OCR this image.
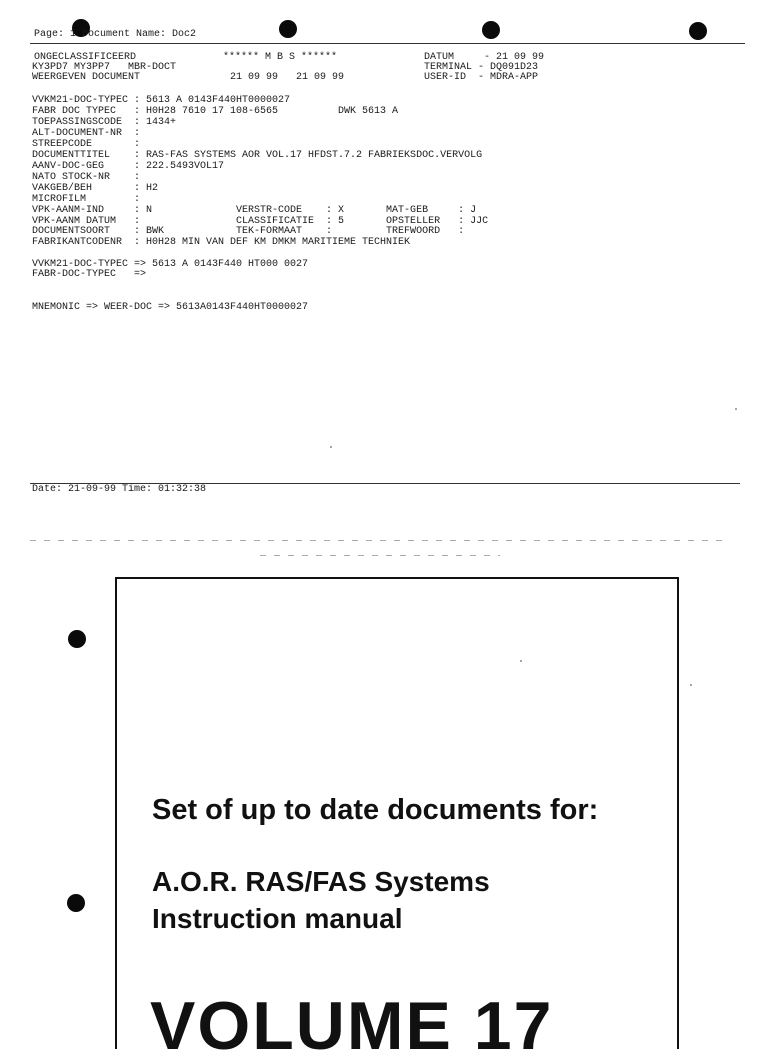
Page: 1 Document Name: Doc2
ONGECLASSIFICEERD	****** M B S ******	DATUM     - 21 09 99
KY3PD7 MY3PP7   MBR-DOCT	TERMINAL - DQ091D23
WEERGEVEN DOCUMENT	21 09 99   21 09 99	USER-ID  - MDRA-APP
VVKM21-DOC-TYPEC : 5613 A 0143F440HT0000027
FABR DOC TYPEC   : H0H28 7610 17 108-6565          DWK 5613 A
TOEPASSINGSCODE  : 1434+
ALT-DOCUMENT-NR  :
STREEPCODE       :
DOCUMENTTITEL    : RAS-FAS SYSTEMS AOR VOL.17 HFDST.7.2 FABRIEKSDOC.VERVOLG
AANV-DOC-GEG     : 222.5493VOL17
NATO STOCK-NR    :
VAKGEB/BEH       : H2
MICROFILM        :
VPK-AANM-IND     : N              VERSTR-CODE    : X       MAT-GEB     : J
VPK-AANM DATUM   :                CLASSIFICATIE  : 5       OPSTELLER   : JJC
DOCUMENTSOORT    : BWK            TEK-FORMAAT    :         TREFWOORD   :
FABRIKANTCODENR  : H0H28 MIN VAN DEF KM DMKM MARITIEME TECHNIEK
VVKM21-DOC-TYPEC => 5613 A 0143F440 HT000 0027
FABR-DOC-TYPEC   =>
MNEMONIC => WEER-DOC => 5613A0143F440HT0000027
Date: 21-09-99 Time: 01:32:38
Set of up to date documents for:
A.O.R. RAS/FAS Systems
Instruction manual
VOLUME 17
